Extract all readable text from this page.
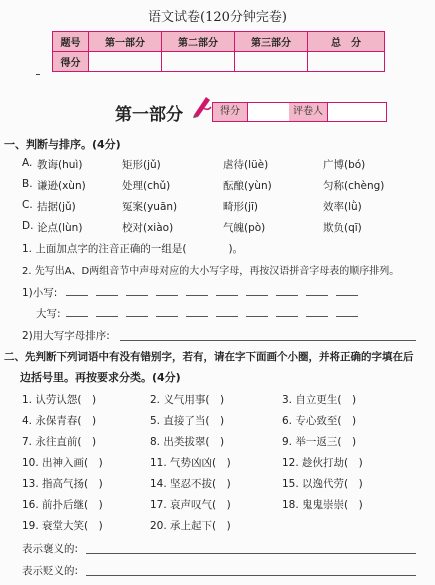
语文试卷(120分钟完卷)
题号	第一部分	第二部分	第三部分	总　分
得分				
第一部分	得分	评卷人
一、判断与排序。(4分)
A. 教诲(huì)	矩形(jǔ)	虐待(lüè)	广博(bó)
B. 谦逊(xùn)	处理(chǔ)	酝酿(yùn)	匀称(chèng)
C. 拮据(jǔ)	冤案(yuān)	畸形(jī)	效率(lǜ)
D. 论点(lùn)	校对(xiào)	气魄(pò)	欺负(qī)
1. 上面加点字的注音正确的一组是(　　　　)。
2. 先写出A、D两组音节中声母对应的大小写字母，再按汉语拼音字母表的顺序排列。
1)小写:
大写:
2)用大写字母排序:
二、先判断下列词语中有没有错别字，若有，请在字下面画个小圈，并将正确的字填在后
边括号里。再按要求分类。(4分)
1. 认劳认怨(　)	2. 义气用事(　)	3. 自立更生(　)
4. 永保青春(　)	5. 直接了当(　)	6. 专心致至(　)
7. 永往直前(　)	8. 出类拔翠(　)	9. 举一返三(　)
10. 出神入画(　)	11. 气势凶凶(　)	12. 趁伙打劫(　)
13. 指高气扬(　)	14. 坚忍不拔(　)	15. 以逸代劳(　)
16. 前扑后继(　)	17. 哀声叹气(　)	18. 鬼鬼崇崇(　)
19. 衰堂大笑(　)	20. 承上起下(　)
表示褒义的:
表示贬义的:
